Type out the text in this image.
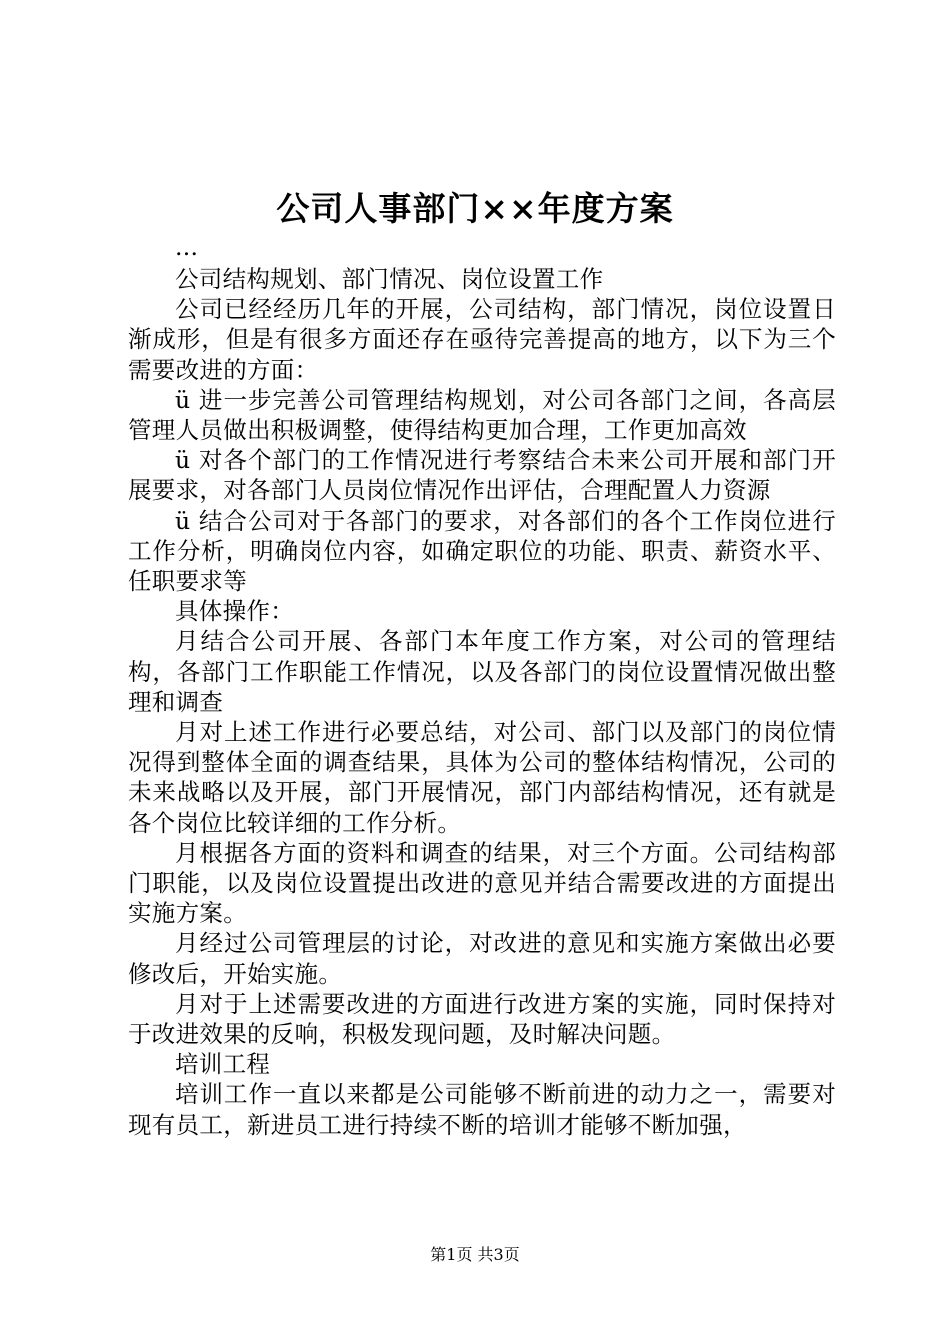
公司人事部门××年度方案

...

公司结构规划、部门情况、岗位设置工作

公司已经经历几年的开展，公司结构，部门情况，岗位设置日渐成形，但是有很多方面还存在亟待完善提高的地方，以下为三个需要改进的方面：

ü 进一步完善公司管理结构规划，对公司各部门之间，各高层管理人员做出积极调整，使得结构更加合理，工作更加高效

ü 对各个部门的工作情况进行考察结合未来公司开展和部门开展要求，对各部门人员岗位情况作出评估，合理配置人力资源

ü 结合公司对于各部门的要求，对各部们的各个工作岗位进行工作分析，明确岗位内容，如确定职位的功能、职责、薪资水平、任职要求等

具体操作：

月结合公司开展、各部门本年度工作方案，对公司的管理结构，各部门工作职能工作情况，以及各部门的岗位设置情况做出整理和调查

月对上述工作进行必要总结，对公司、部门以及部门的岗位情况得到整体全面的调查结果，具体为公司的整体结构情况，公司的未来战略以及开展，部门开展情况，部门内部结构情况，还有就是各个岗位比较详细的工作分析。

月根据各方面的资料和调查的结果，对三个方面。公司结构部门职能，以及岗位设置提出改进的意见并结合需要改进的方面提出实施方案。

月经过公司管理层的讨论，对改进的意见和实施方案做出必要修改后，开始实施。

月对于上述需要改进的方面进行改进方案的实施，同时保持对于改进效果的反响，积极发现问题，及时解决问题。

培训工程

培训工作一直以来都是公司能够不断前进的动力之一，需要对现有员工，新进员工进行持续不断的培训才能够不断加强，

第1页 共3页
